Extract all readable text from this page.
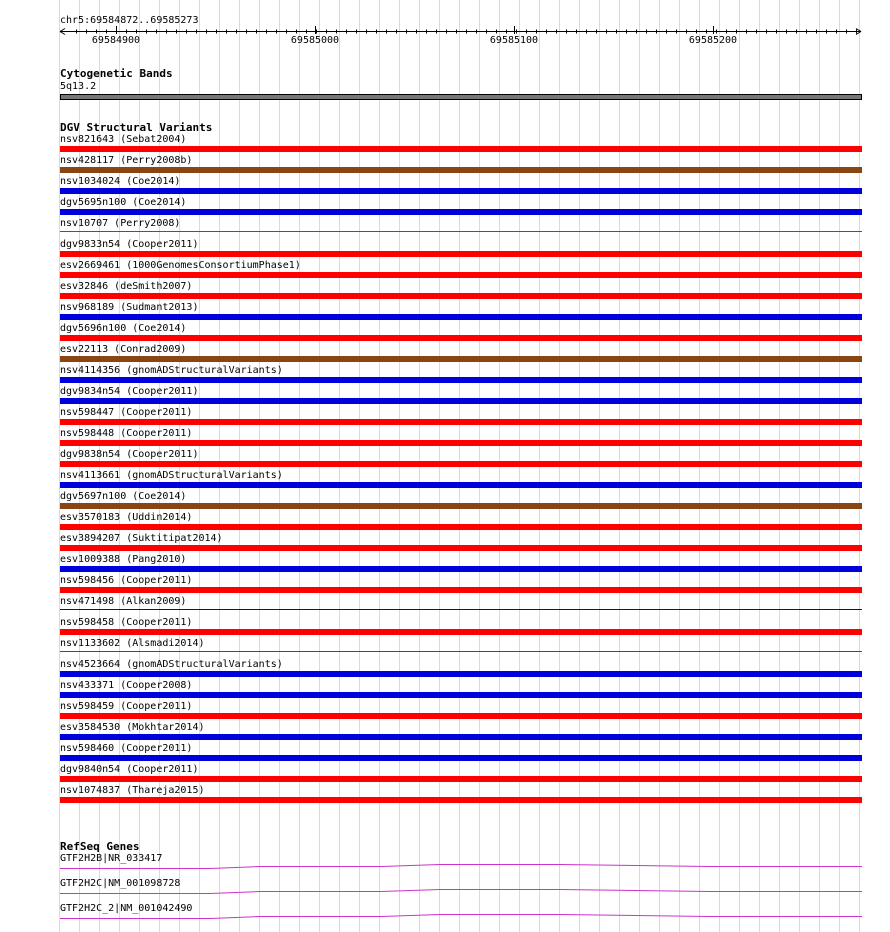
chr5:69584872..69585273
69584900	69585000	69585100	69585200
Cytogenetic Bands
5q13.2
DGV Structural Variants
nsv821643 (Sebat2004)
nsv428117 (Perry2008b)
nsv1034024 (Coe2014)
dgv5695n100 (Coe2014)
nsv10707 (Perry2008)
dgv9833n54 (Cooper2011)
esv2669461 (1000GenomesConsortiumPhase1)
esv32846 (deSmith2007)
nsv968189 (Sudmant2013)
dgv5696n100 (Coe2014)
esv22113 (Conrad2009)
nsv4114356 (gnomADStructuralVariants)
dgv9834n54 (Cooper2011)
nsv598447 (Cooper2011)
nsv598448 (Cooper2011)
dgv9838n54 (Cooper2011)
nsv4113661 (gnomADStructuralVariants)
dgv5697n100 (Coe2014)
esv3570183 (Uddin2014)
esv3894207 (Suktitipat2014)
esv1009388 (Pang2010)
nsv598456 (Cooper2011)
nsv471498 (Alkan2009)
nsv598458 (Cooper2011)
nsv1133602 (Alsmadi2014)
nsv4523664 (gnomADStructuralVariants)
nsv433371 (Cooper2008)
nsv598459 (Cooper2011)
esv3584530 (Mokhtar2014)
nsv598460 (Cooper2011)
dgv9840n54 (Cooper2011)
nsv1074837 (Thareja2015)
RefSeq Genes
GTF2H2B|NR_033417
GTF2H2C|NM_001098728
GTF2H2C_2|NM_001042490
